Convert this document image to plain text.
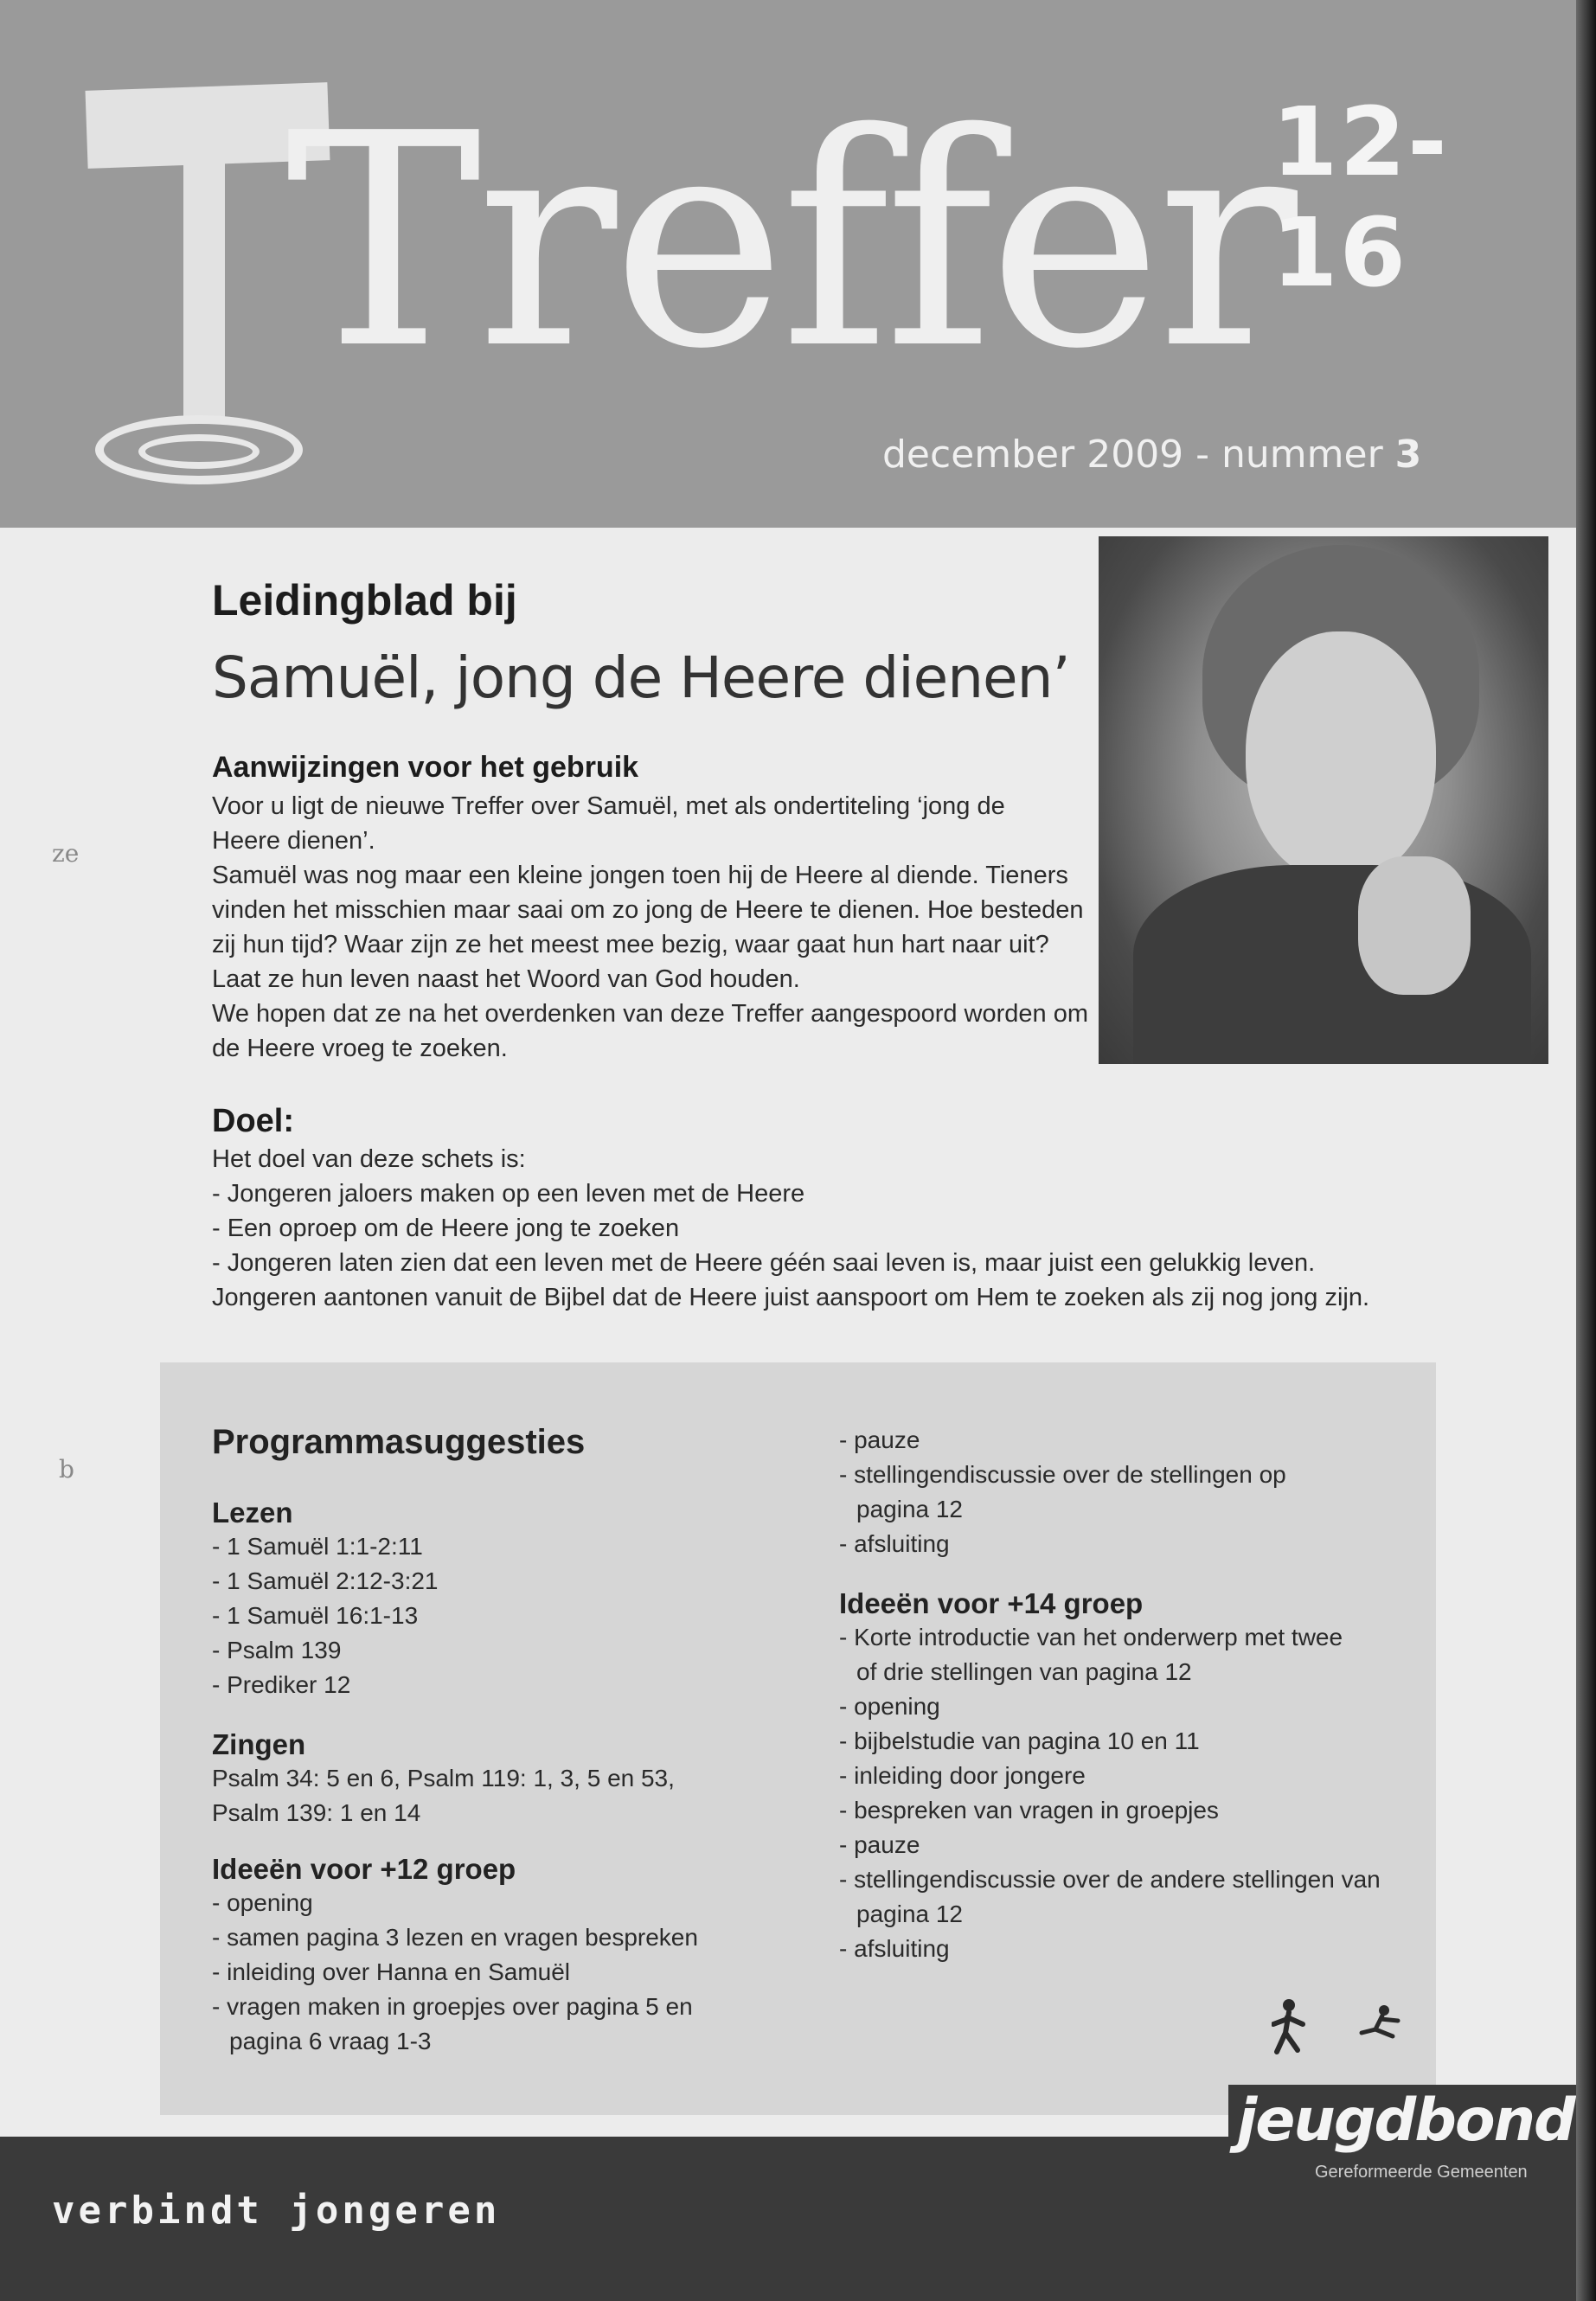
Treffer
12-16
december 2009 - nummer 3
Leidingblad bij
Samuël, jong de Heere dienen’
Aanwijzingen voor het gebruik
Voor u ligt de nieuwe Treffer over Samuël, met als ondertiteling ‘jong de
Heere dienen’.
Samuël was nog maar een kleine jongen toen hij de Heere al diende. Tieners
vinden het misschien maar saai om zo jong de Heere te dienen. Hoe besteden
zij hun tijd? Waar zijn ze het meest mee bezig, waar gaat hun hart naar uit?
Laat ze hun leven naast het Woord van God houden.
We hopen dat ze na het overdenken van deze Treffer aangespoord worden om
de Heere vroeg te zoeken.
Doel:
Het doel van deze schets is:
- Jongeren jaloers maken op een leven met de Heere
- Een oproep om de Heere jong te zoeken
- Jongeren laten zien dat een leven met de Heere géén saai leven is, maar juist een gelukkig leven.
Jongeren aantonen vanuit de Bijbel dat de Heere juist aanspoort om Hem te zoeken als zij nog jong zijn.
Programmasuggesties
Lezen
- 1 Samuël 1:1-2:11
- 1 Samuël 2:12-3:21
- 1 Samuël 16:1-13
- Psalm 139
- Prediker 12
Zingen
Psalm 34: 5 en 6, Psalm 119: 1, 3, 5 en 53,
Psalm 139: 1 en 14
Ideeën voor +12 groep
- opening
- samen pagina 3 lezen en vragen bespreken
- inleiding over Hanna en Samuël
- vragen maken in groepjes over pagina 5 en
pagina 6 vraag 1-3
- pauze
- stellingendiscussie over de stellingen op
pagina 12
- afsluiting
Ideeën voor +14 groep
- Korte introductie van het onderwerp met twee
of drie stellingen van pagina 12
- opening
- bijbelstudie van pagina 10 en 11
- inleiding door jongere
- bespreken van vragen in groepjes
- pauze
- stellingendiscussie over de andere stellingen van
pagina 12
- afsluiting
verbindt jongeren
jeugdbond
Gereformeerde Gemeenten
ze
b
